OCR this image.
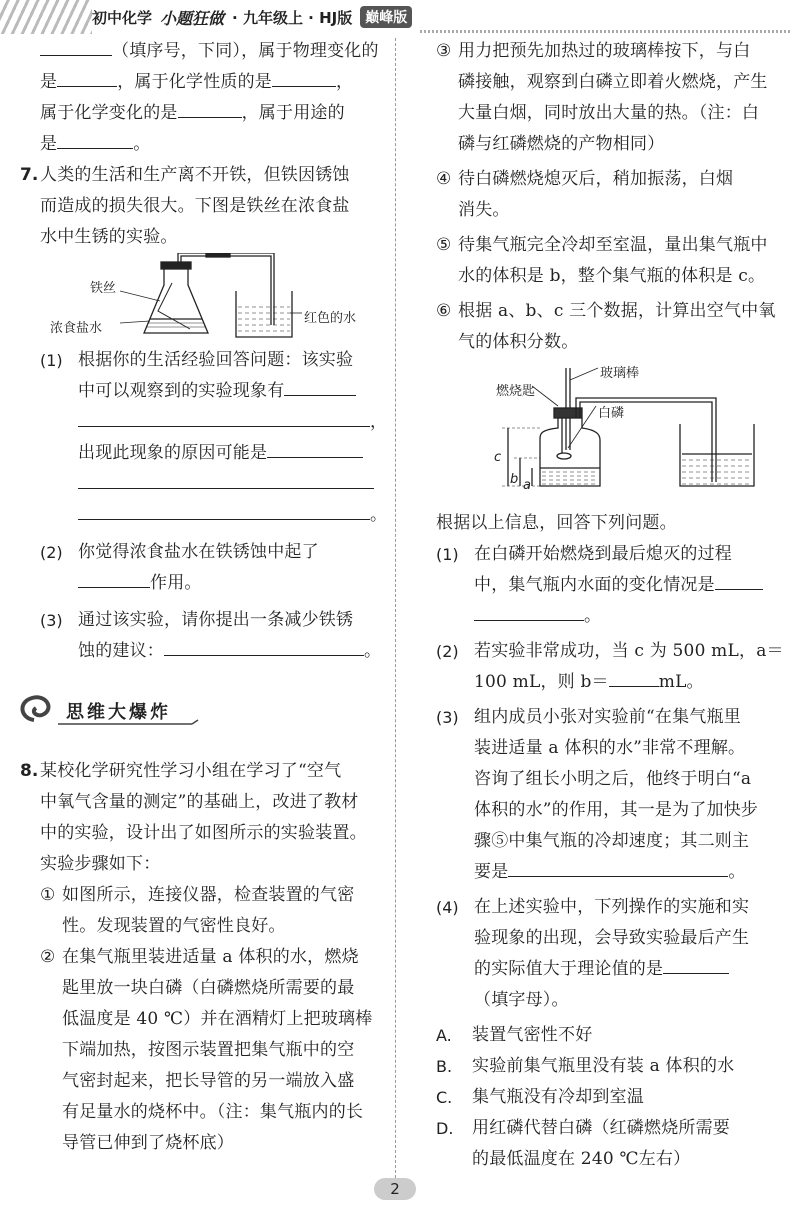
初中化学 小题狂做 · 九年级上 · HJ版 巅峰版
（填序号，下同），属于物理变化的
是	，属于化学性质的是	，
属于化学变化的是	，属于用途的
是	。
7. 人类的生活和生产离不开铁，但铁因锈蚀
而造成的损失很大。下图是铁丝在浓食盐
水中生锈的实验。
铁丝
浓食盐水
红色的水
(1) 根据你的生活经验回答问题：该实验
中可以观察到的实验现象有
，
出现此现象的原因可能是
。
(2) 你觉得浓食盐水在铁锈蚀中起了
作用。
(3) 通过该实验，请你提出一条减少铁锈
蚀的建议：	。
思维大爆炸
8. 某校化学研究性学习小组在学习了“空气
中氧气含量的测定”的基础上，改进了教材
中的实验，设计出了如图所示的实验装置。
实验步骤如下：
① 如图所示，连接仪器，检查装置的气密
性。发现装置的气密性良好。
② 在集气瓶里装进适量 a 体积的水，燃烧
匙里放一块白磷（白磷燃烧所需要的最
低温度是 40 ℃）并在酒精灯上把玻璃棒
下端加热，按图示装置把集气瓶中的空
气密封起来，把长导管的另一端放入盛
有足量水的烧杯中。（注：集气瓶内的长
导管已伸到了烧杯底）
③ 用力把预先加热过的玻璃棒按下，与白
磷接触，观察到白磷立即着火燃烧，产生
大量白烟，同时放出大量的热。（注：白
磷与红磷燃烧的产物相同）
④ 待白磷燃烧熄灭后，稍加振荡，白烟
消失。
⑤ 待集气瓶完全冷却至室温，量出集气瓶中
水的体积是 b，整个集气瓶的体积是 c。
⑥ 根据 a、b、c 三个数据，计算出空气中氧
气的体积分数。
玻璃棒
燃烧匙
白磷
c
b a
根据以上信息，回答下列问题。
(1) 在白磷开始燃烧到最后熄灭的过程
中，集气瓶内水面的变化情况是
。
(2) 若实验非常成功，当 c 为 500 mL，a＝
100 mL，则 b＝	mL。
(3) 组内成员小张对实验前“在集气瓶里
装进适量 a 体积的水”非常不理解。
咨询了组长小明之后，他终于明白“a
体积的水”的作用，其一是为了加快步
骤⑤中集气瓶的冷却速度；其二则主
要是	。
(4) 在上述实验中，下列操作的实施和实
验现象的出现，会导致实验最后产生
的实际值大于理论值的是
（填字母）。
A. 装置气密性不好
B. 实验前集气瓶里没有装 a 体积的水
C. 集气瓶没有冷却到室温
D. 用红磷代替白磷（红磷燃烧所需要
的最低温度在 240 ℃左右）
2
